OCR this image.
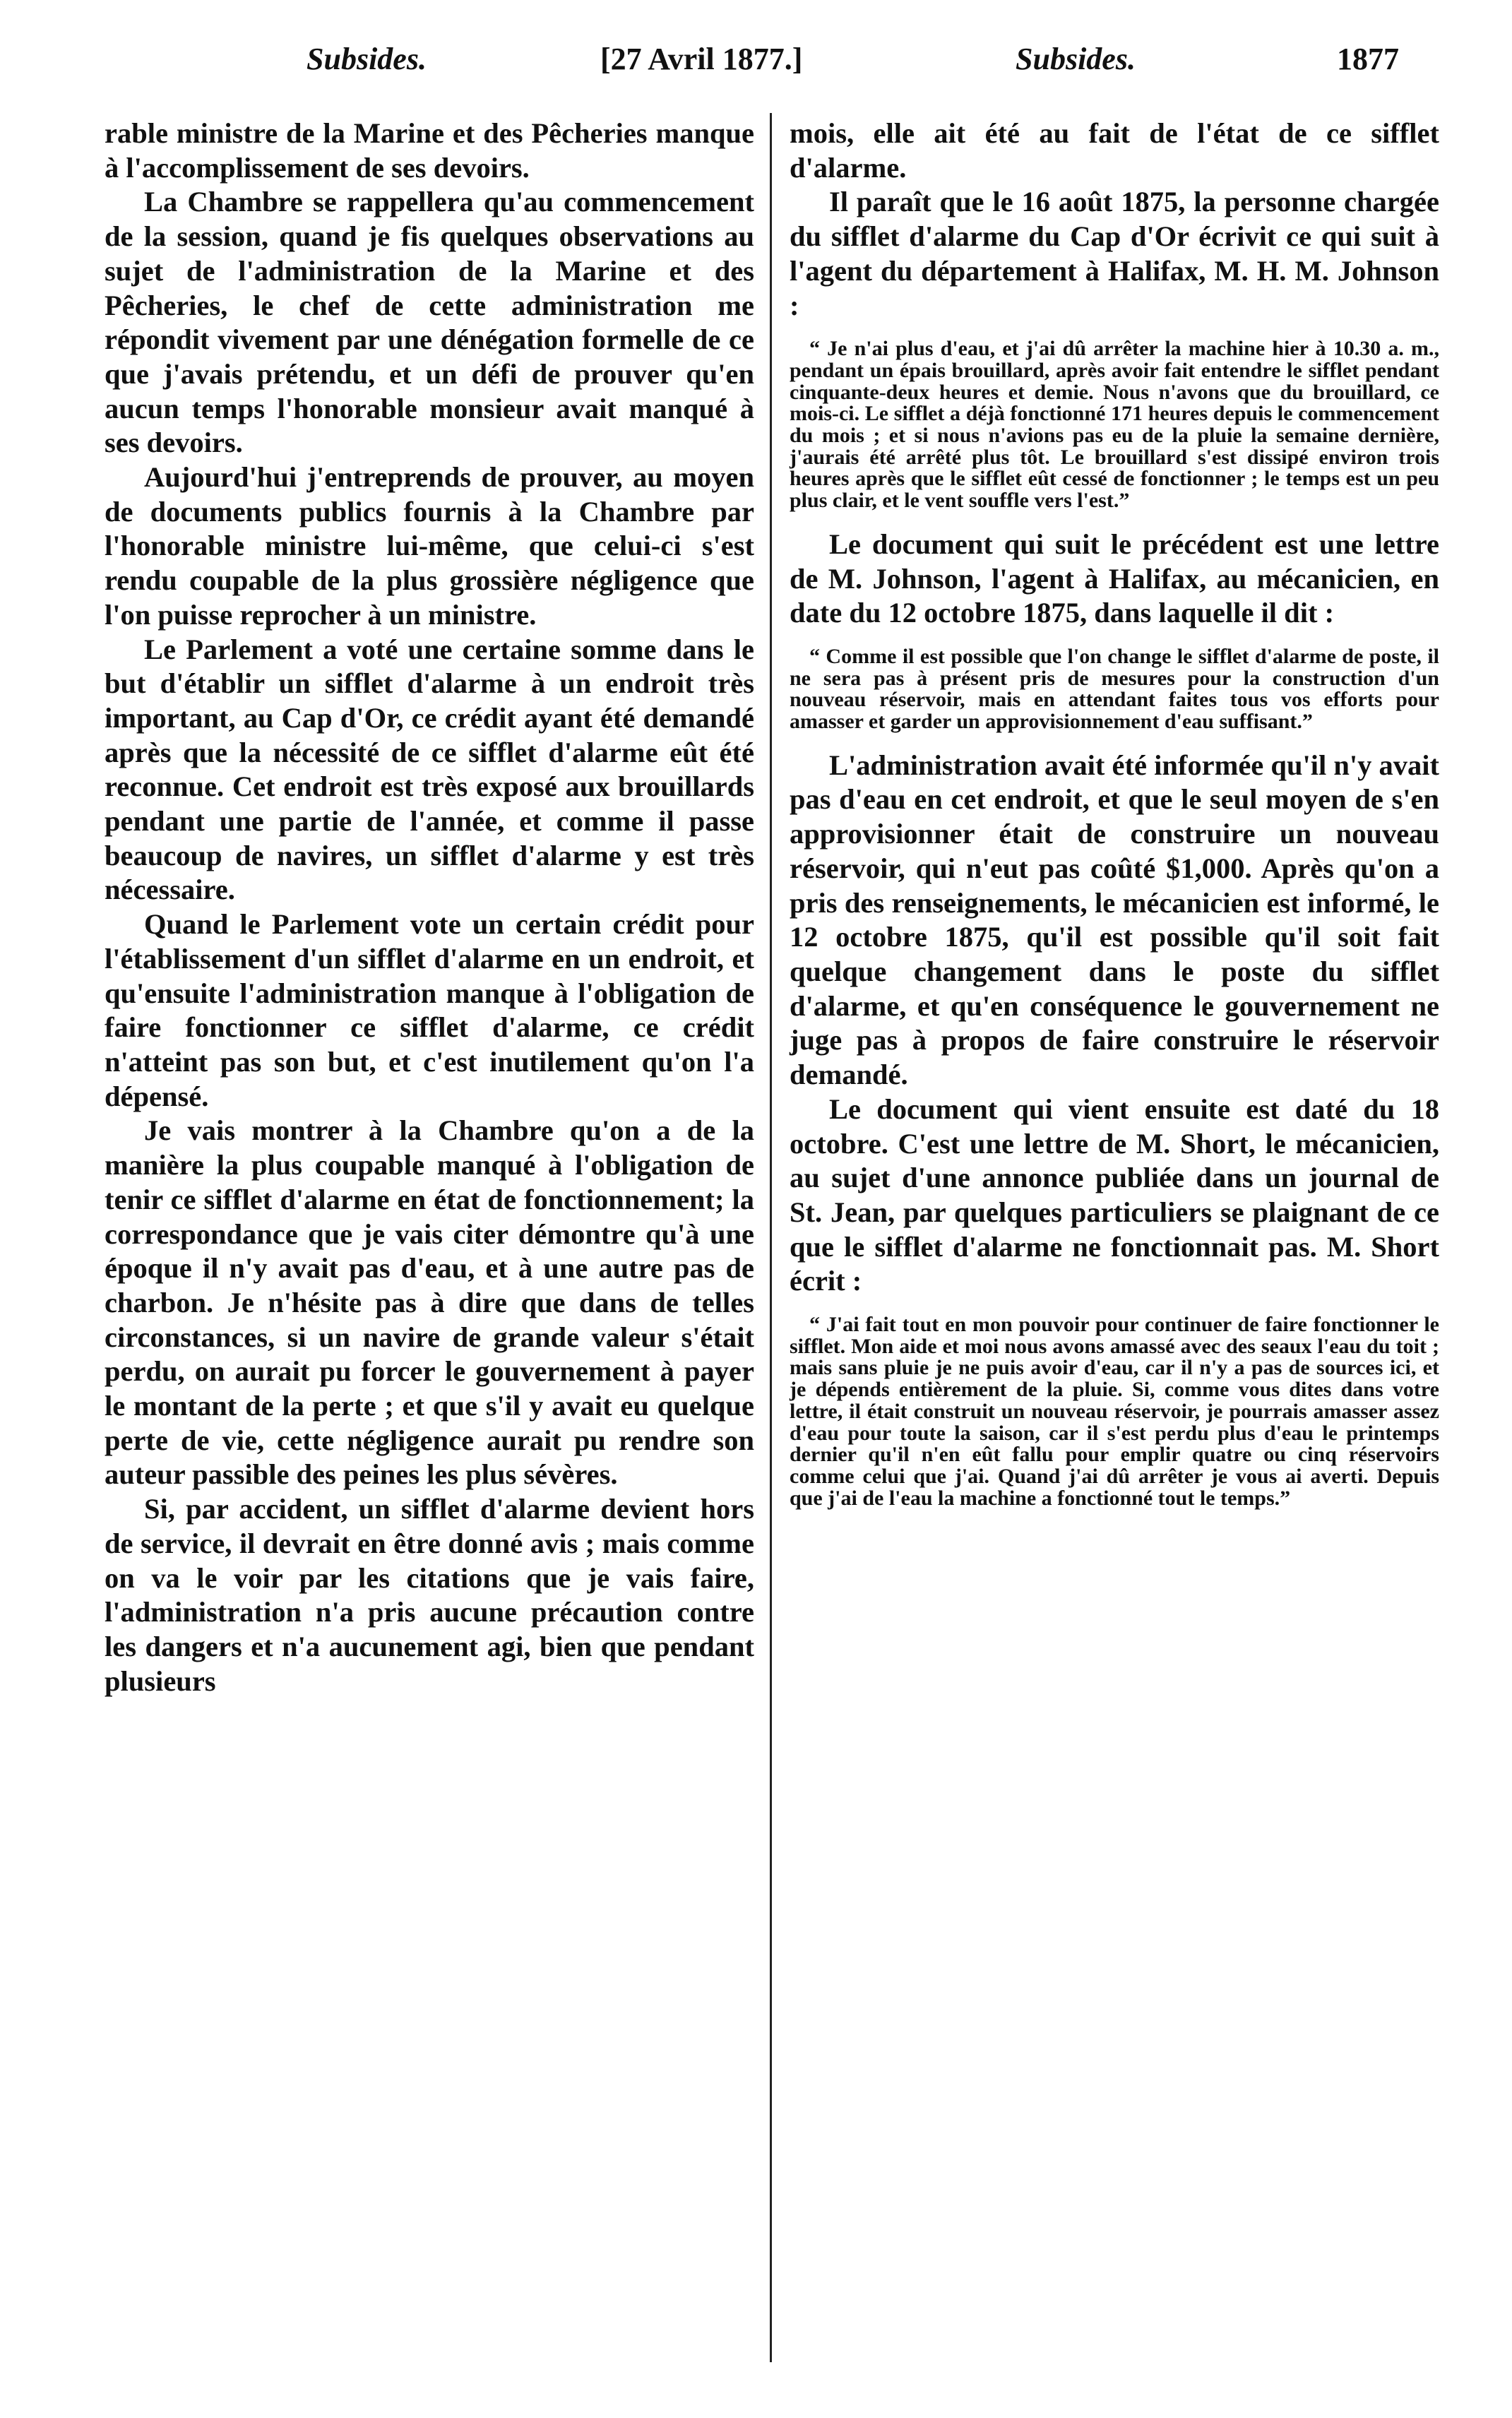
Subsides.	[27 Avril 1877.]	Subsides.	1877

rable ministre de la Marine et des Pêcheries manque à l'accomplissement de ses devoirs.

La Chambre se rappellera qu'au commencement de la session, quand je fis quelques observations au sujet de l'administration de la Marine et des Pêcheries, le chef de cette administration me répondit vivement par une dénégation formelle de ce que j'avais prétendu, et un défi de prouver qu'en aucun temps l'honorable monsieur avait manqué à ses devoirs.

Aujourd'hui j'entreprends de prouver, au moyen de documents publics fournis à la Chambre par l'honorable ministre lui-même, que celui-ci s'est rendu coupable de la plus grossière négligence que l'on puisse reprocher à un ministre.

Le Parlement a voté une certaine somme dans le but d'établir un sifflet d'alarme à un endroit très important, au Cap d'Or, ce crédit ayant été demandé après que la nécessité de ce sifflet d'alarme eût été reconnue. Cet endroit est très exposé aux brouillards pendant une partie de l'année, et comme il passe beaucoup de navires, un sifflet d'alarme y est très nécessaire.

Quand le Parlement vote un certain crédit pour l'établissement d'un sifflet d'alarme en un endroit, et qu'ensuite l'administration manque à l'obligation de faire fonctionner ce sifflet d'alarme, ce crédit n'atteint pas son but, et c'est inutilement qu'on l'a dépensé.

Je vais montrer à la Chambre qu'on a de la manière la plus coupable manqué à l'obligation de tenir ce sifflet d'alarme en état de fonctionnement; la correspondance que je vais citer démontre qu'à une époque il n'y avait pas d'eau, et à une autre pas de charbon. Je n'hésite pas à dire que dans de telles circonstances, si un navire de grande valeur s'était perdu, on aurait pu forcer le gouvernement à payer le montant de la perte ; et que s'il y avait eu quelque perte de vie, cette négligence aurait pu rendre son auteur passible des peines les plus sévères.

Si, par accident, un sifflet d'alarme devient hors de service, il devrait en être donné avis ; mais comme on va le voir par les citations que je vais faire, l'administration n'a pris aucune précaution contre les dangers et n'a aucunement agi, bien que pendant plusieurs

mois, elle ait été au fait de l'état de ce sifflet d'alarme.

Il paraît que le 16 août 1875, la personne chargée du sifflet d'alarme du Cap d'Or écrivit ce qui suit à l'agent du département à Halifax, M. H. M. Johnson :

“ Je n'ai plus d'eau, et j'ai dû arrêter la machine hier à 10.30 a. m., pendant un épais brouillard, après avoir fait entendre le sifflet pendant cinquante-deux heures et demie. Nous n'avons que du brouillard, ce mois-ci. Le sifflet a déjà fonctionné 171 heures depuis le commencement du mois ; et si nous n'avions pas eu de la pluie la semaine dernière, j'aurais été arrêté plus tôt. Le brouillard s'est dissipé environ trois heures après que le sifflet eût cessé de fonctionner ; le temps est un peu plus clair, et le vent souffle vers l'est.”

Le document qui suit le précédent est une lettre de M. Johnson, l'agent à Halifax, au mécanicien, en date du 12 octobre 1875, dans laquelle il dit :

“ Comme il est possible que l'on change le sifflet d'alarme de poste, il ne sera pas à présent pris de mesures pour la construction d'un nouveau réservoir, mais en attendant faites tous vos efforts pour amasser et garder un approvisionnement d'eau suffisant.”

L'administration avait été informée qu'il n'y avait pas d'eau en cet endroit, et que le seul moyen de s'en approvisionner était de construire un nouveau réservoir, qui n'eut pas coûté $1,000. Après qu'on a pris des renseignements, le mécanicien est informé, le 12 octobre 1875, qu'il est possible qu'il soit fait quelque changement dans le poste du sifflet d'alarme, et qu'en conséquence le gouvernement ne juge pas à propos de faire construire le réservoir demandé.

Le document qui vient ensuite est daté du 18 octobre. C'est une lettre de M. Short, le mécanicien, au sujet d'une annonce publiée dans un journal de St. Jean, par quelques particuliers se plaignant de ce que le sifflet d'alarme ne fonctionnait pas. M. Short écrit :

“ J'ai fait tout en mon pouvoir pour continuer de faire fonctionner le sifflet. Mon aide et moi nous avons amassé avec des seaux l'eau du toit ; mais sans pluie je ne puis avoir d'eau, car il n'y a pas de sources ici, et je dépends entièrement de la pluie. Si, comme vous dites dans votre lettre, il était construit un nouveau réservoir, je pourrais amasser assez d'eau pour toute la saison, car il s'est perdu plus d'eau le printemps dernier qu'il n'en eût fallu pour emplir quatre ou cinq réservoirs comme celui que j'ai. Quand j'ai dû arrêter je vous ai averti. Depuis que j'ai de l'eau la machine a fonctionné tout le temps.”
